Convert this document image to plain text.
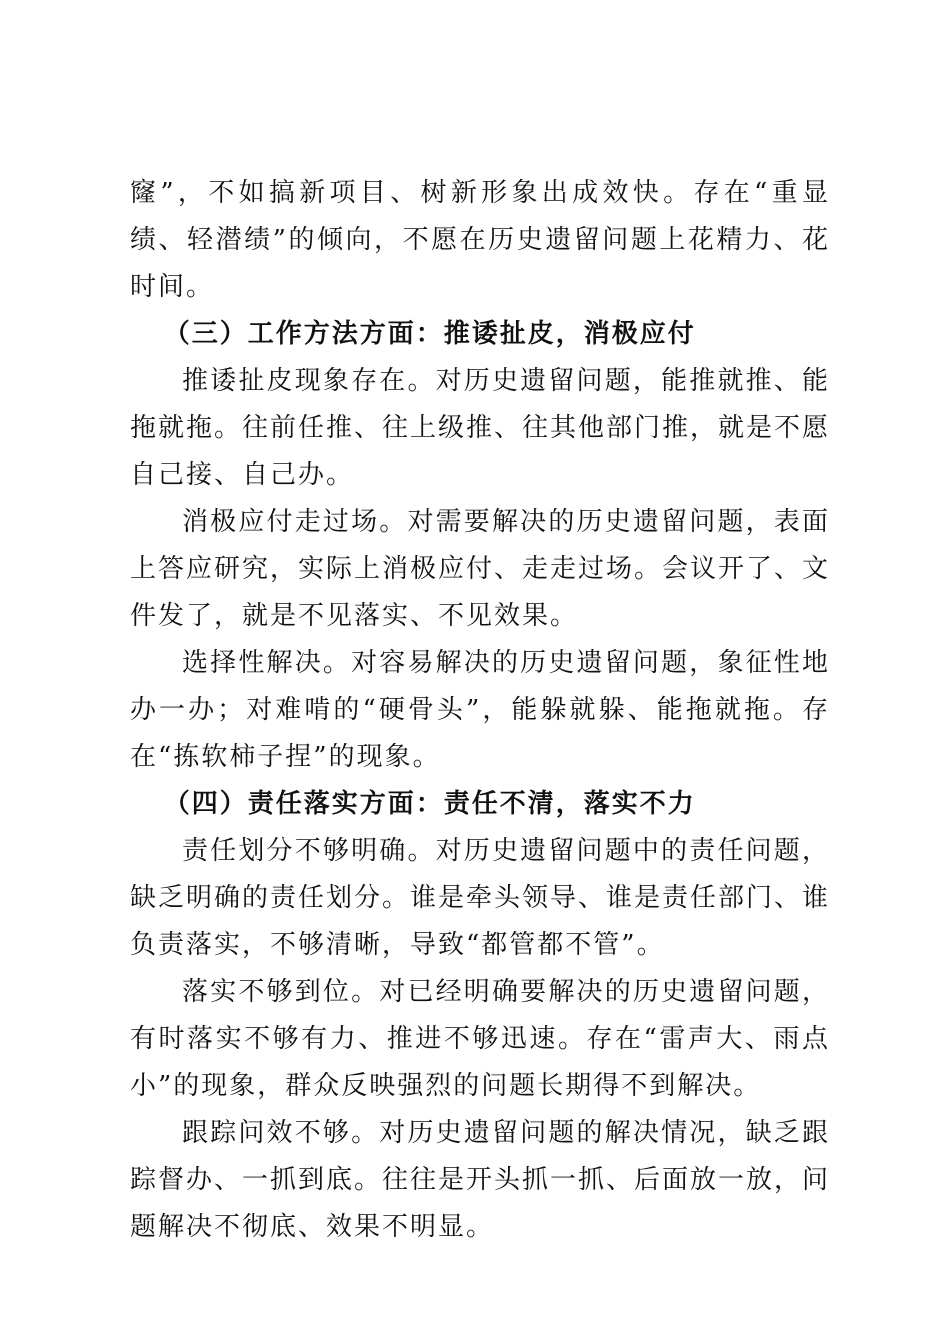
窿”，不如搞新项目、树新形象出成效快。存在“重显绩、轻潜绩”的倾向，不愿在历史遗留问题上花精力、花时间。

（三）工作方法方面：推诿扯皮，消极应付

推诿扯皮现象存在。对历史遗留问题，能推就推、能拖就拖。往前任推、往上级推、往其他部门推，就是不愿自己接、自己办。

消极应付走过场。对需要解决的历史遗留问题，表面上答应研究，实际上消极应付、走走过场。会议开了、文件发了，就是不见落实、不见效果。

选择性解决。对容易解决的历史遗留问题，象征性地办一办；对难啃的“硬骨头”，能躲就躲、能拖就拖。存在“拣软柿子捏”的现象。

（四）责任落实方面：责任不清，落实不力

责任划分不够明确。对历史遗留问题中的责任问题，缺乏明确的责任划分。谁是牵头领导、谁是责任部门、谁负责落实，不够清晰，导致“都管都不管”。

落实不够到位。对已经明确要解决的历史遗留问题，有时落实不够有力、推进不够迅速。存在“雷声大、雨点小”的现象，群众反映强烈的问题长期得不到解决。

跟踪问效不够。对历史遗留问题的解决情况，缺乏跟踪督办、一抓到底。往往是开头抓一抓、后面放一放，问题解决不彻底、效果不明显。
